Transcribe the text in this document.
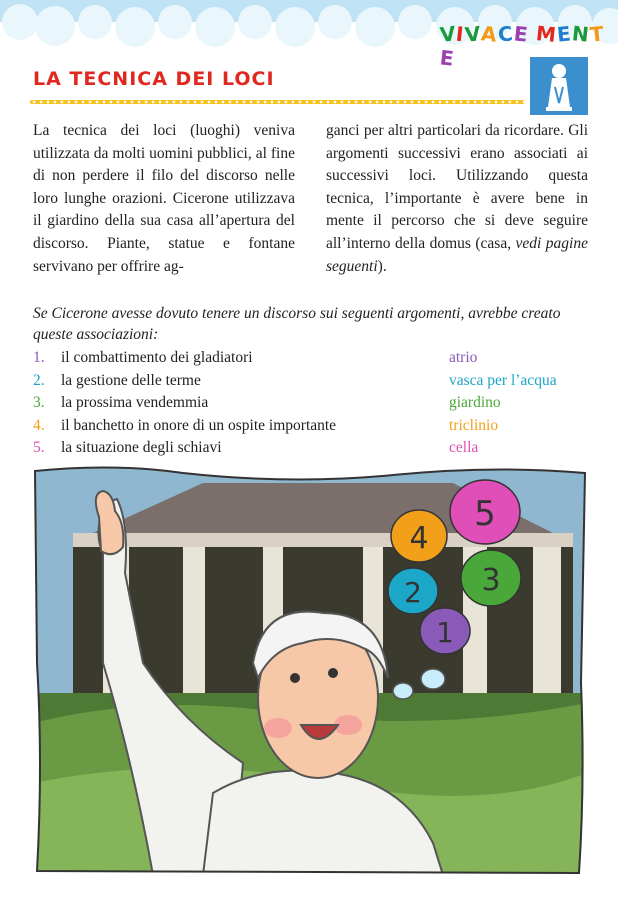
VIVACE MENTE
LA TECNICA DEI LOCI
La tecnica dei loci (luoghi) veniva utilizzata da molti uomini pubblici, al fine di non perdere il filo del discorso nelle loro lunghe orazioni. Cicerone utilizzava il giardino della sua casa all’apertura del discorso. Piante, statue e fontane servivano per offrire ag-
ganci per altri particolari da ricordare. Gli argomenti successivi erano associati ai successivi loci. Utilizzando questa tecnica, l’importante è avere bene in mente il percorso che si deve seguire all’interno della domus (casa, vedi pagine seguenti).
Se Cicerone avesse dovuto tenere un discorso sui seguenti argomenti, avrebbe creato queste associazioni:
1.	il combattimento dei gladiatori	atrio
2.	la gestione delle terme	vasca per l’acqua
3.	la prossima vendemmia	giardino
4.	il banchetto in onore di un ospite importante	triclinio
5.	la situazione degli schiavi	cella
5
4
3
2
1
